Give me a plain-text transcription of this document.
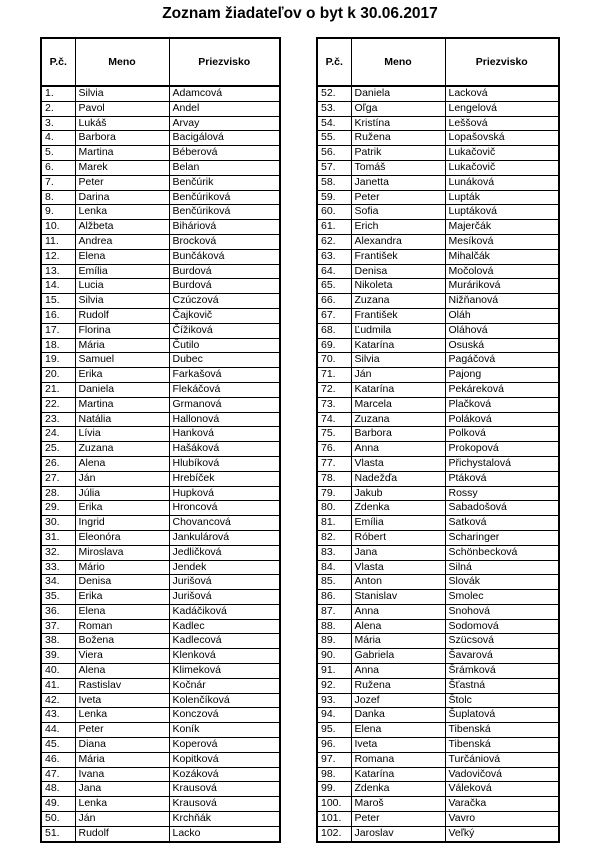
Zoznam žiadateľov o byt k 30.06.2017
P.č.	Meno	Priezvisko
1.	Silvia	Adamcová
2.	Pavol	Andel
3.	Lukáš	Arvay
4.	Barbora	Bacigálová
5.	Martina	Béberová
6.	Marek	Belan
7.	Peter	Benčúrik
8.	Darina	Benčúriková
9.	Lenka	Benčúriková
10.	Alžbeta	Biháriová
11.	Andrea	Brocková
12.	Elena	Bunčáková
13.	Emília	Burdová
14.	Lucia	Burdová
15.	Silvia	Czúczová
16.	Rudolf	Čajkovič
17.	Florina	Čížiková
18.	Mária	Čutilo
19.	Samuel	Dubec
20.	Erika	Farkašová
21.	Daniela	Flekáčová
22.	Martina	Grmanová
23.	Natália	Hallonová
24.	Lívia	Hanková
25.	Zuzana	Hašáková
26.	Alena	Hlubíková
27.	Ján	Hrebíček
28.	Júlia	Hupková
29.	Erika	Hroncová
30.	Ingrid	Chovancová
31.	Eleonóra	Jankulárová
32.	Miroslava	Jedličková
33.	Mário	Jendek
34.	Denisa	Jurišová
35.	Erika	Jurišová
36.	Elena	Kadáčiková
37.	Roman	Kadlec
38.	Božena	Kadlecová
39.	Viera	Klenková
40.	Alena	Klimeková
41.	Rastislav	Kočnár
42.	Iveta	Kolenčíková
43.	Lenka	Konczová
44.	Peter	Koník
45.	Diana	Koperová
46.	Mária	Kopitková
47.	Ivana	Kozáková
48.	Jana	Krausová
49.	Lenka	Krausová
50.	Ján	Krchňák
51.	Rudolf	Lacko
P.č.	Meno	Priezvisko
52.	Daniela	Lacková
53.	Oľga	Lengelová
54.	Kristína	Leššová
55.	Ružena	Lopašovská
56.	Patrik	Lukačovič
57.	Tomáš	Lukačovič
58.	Janetta	Lunáková
59.	Peter	Lupták
60.	Sofia	Luptáková
61.	Erich	Majerčák
62.	Alexandra	Mesíková
63.	František	Mihalčák
64.	Denisa	Močolová
65.	Nikoleta	Muráriková
66.	Zuzana	Nižňanová
67.	František	Oláh
68.	Ľudmila	Oláhová
69.	Katarína	Osuská
70.	Silvia	Pagáčová
71.	Ján	Pajong
72.	Katarína	Pekáreková
73.	Marcela	Plačková
74.	Zuzana	Poláková
75.	Barbora	Polková
76.	Anna	Prokopová
77.	Vlasta	Přichystalová
78.	Nadežďa	Ptáková
79.	Jakub	Rossy
80.	Zdenka	Sabadošová
81.	Emília	Satková
82.	Róbert	Scharinger
83.	Jana	Schönbecková
84.	Vlasta	Silná
85.	Anton	Slovák
86.	Stanislav	Smolec
87.	Anna	Snohová
88.	Alena	Sodomová
89.	Mária	Szücsová
90.	Gabriela	Šavarová
91.	Anna	Šrámková
92.	Ružena	Šťastná
93.	Jozef	Štolc
94.	Danka	Šuplatová
95.	Elena	Tibenská
96.	Iveta	Tibenská
97.	Romana	Turčániová
98.	Katarína	Vadovičová
99.	Zdenka	Váleková
100.	Maroš	Varačka
101.	Peter	Vavro
102.	Jaroslav	Veľký
